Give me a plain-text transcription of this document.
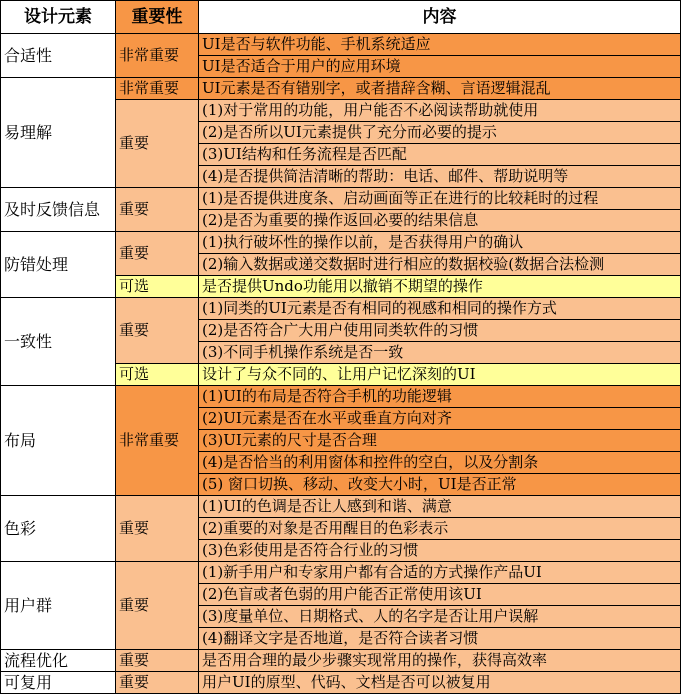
设计元素	重要性	内容
合适性	非常重要	UI是否与软件功能、手机系统适应
		UI是否适合于用户的应用环境
易理解	非常重要	UI元素是否有错别字，或者措辞含糊、言语逻辑混乱
	重要	(1)对于常用的功能，用户能否不必阅读帮助就使用
		(2)是否所以UI元素提供了充分而必要的提示
		(3)UI结构和任务流程是否匹配
		(4)是否提供简洁清晰的帮助：电话、邮件、帮助说明等
及时反馈信息	重要	(1)是否提供进度条、启动画面等正在进行的比较耗时的过程
		(2)是否为重要的操作返回必要的结果信息
防错处理	重要	(1)执行破坏性的操作以前，是否获得用户的确认
		(2)输入数据或递交数据时进行相应的数据校验(数据合法检测
	可选	是否提供Undo功能用以撤销不期望的操作
一致性	重要	(1)同类的UI元素是否有相同的视感和相同的操作方式
		(2)是否符合广大用户使用同类软件的习惯
		(3)不同手机操作系统是否一致
	可选	设计了与众不同的、让用户记忆深刻的UI
布局	非常重要	(1)UI的布局是否符合手机的功能逻辑
		(2)UI元素是否在水平或垂直方向对齐
		(3)UI元素的尺寸是否合理
		(4)是否恰当的利用窗体和控件的空白，以及分割条
		(5) 窗口切换、移动、改变大小时，UI是否正常
色彩	重要	(1)UI的色调是否让人感到和谐、满意
		(2)重要的对象是否用醒目的色彩表示
		(3)色彩使用是否符合行业的习惯
用户群	重要	(1)新手用户和专家用户都有合适的方式操作产品UI
		(2)色盲或者色弱的用户能否正常使用该UI
		(3)度量单位、日期格式、人的名字是否让用户误解
		(4)翻译文字是否地道，是否符合读者习惯
流程优化	重要	是否用合理的最少步骤实现常用的操作，获得高效率
可复用	重要	用户UI的原型、代码、文档是否可以被复用
